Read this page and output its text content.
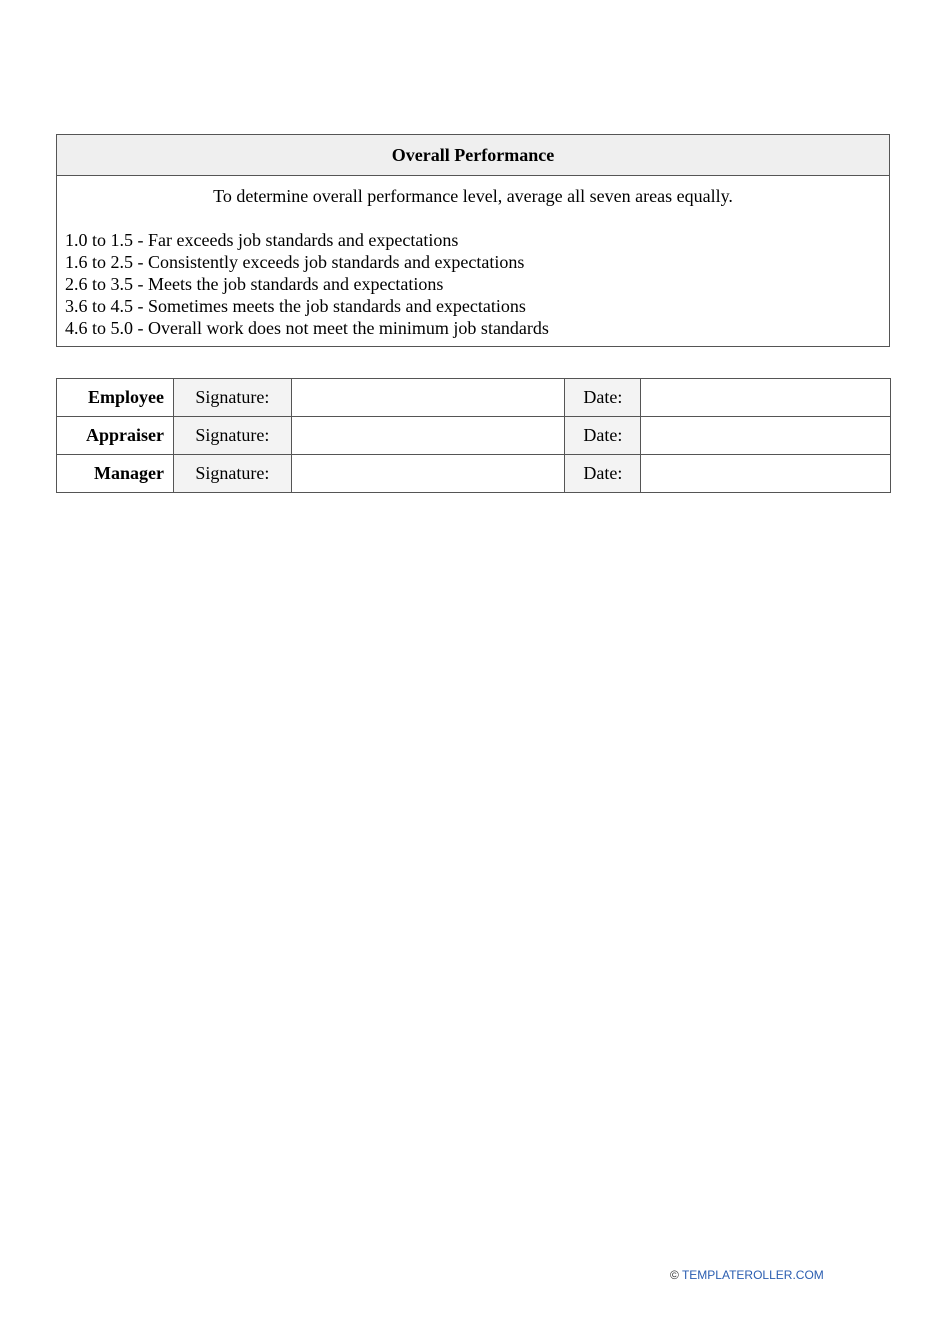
Overall Performance
To determine overall performance level, average all seven areas equally.
1.0 to 1.5 - Far exceeds job standards and expectations
1.6 to 2.5 - Consistently exceeds job standards and expectations
2.6 to 3.5 - Meets the job standards and expectations
3.6 to 4.5 - Sometimes meets the job standards and expectations
4.6 to 5.0 - Overall work does not meet the minimum job standards
Employee	Signature:		Date:	
Appraiser	Signature:		Date:	
Manager	Signature:		Date:	
© TEMPLATEROLLER.COM
